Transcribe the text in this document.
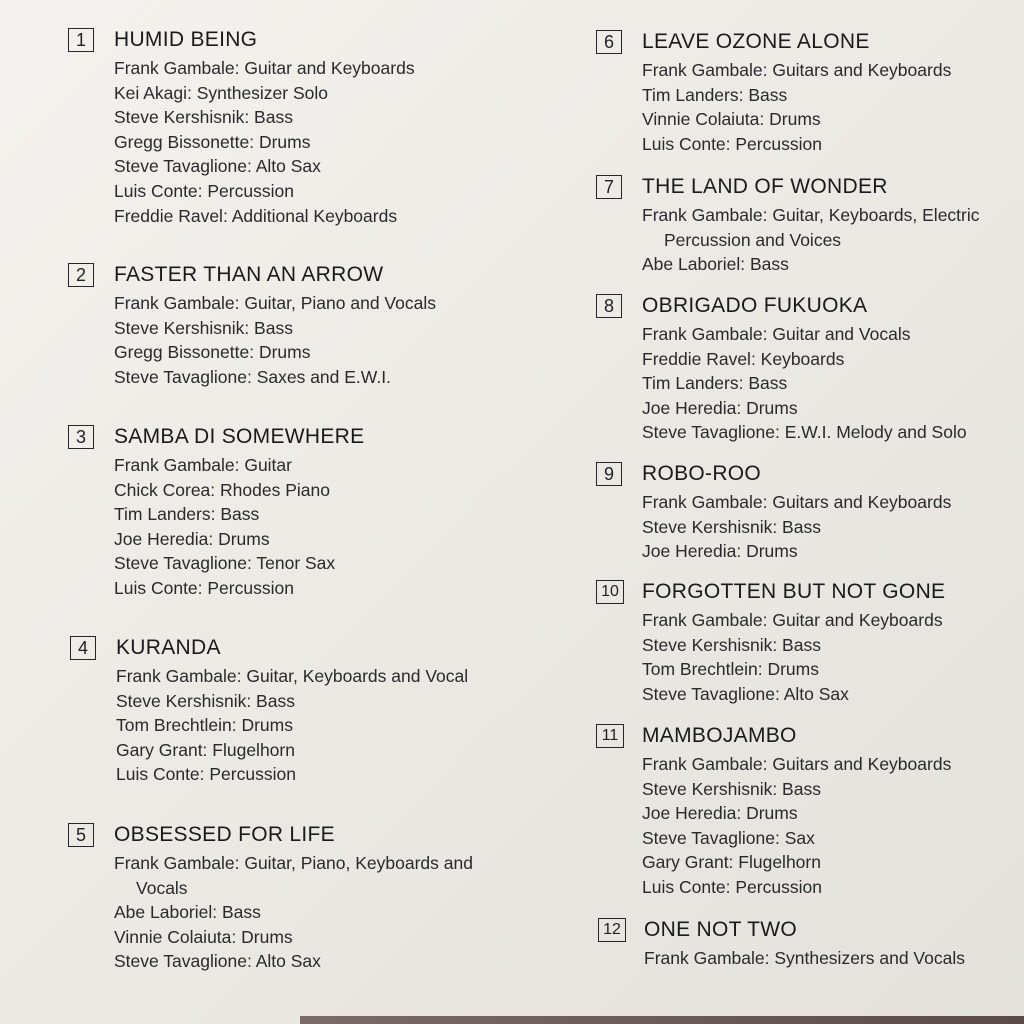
1	HUMID BEING
Frank Gambale: Guitar and Keyboards
Kei Akagi: Synthesizer Solo
Steve Kershisnik: Bass
Gregg Bissonette: Drums
Steve Tavaglione: Alto Sax
Luis Conte: Percussion
Freddie Ravel: Additional Keyboards
2	FASTER THAN AN ARROW
Frank Gambale: Guitar, Piano and Vocals
Steve Kershisnik: Bass
Gregg Bissonette: Drums
Steve Tavaglione: Saxes and E.W.I.
3	SAMBA DI SOMEWHERE
Frank Gambale: Guitar
Chick Corea: Rhodes Piano
Tim Landers: Bass
Joe Heredia: Drums
Steve Tavaglione: Tenor Sax
Luis Conte: Percussion
4	KURANDA
Frank Gambale: Guitar, Keyboards and Vocal
Steve Kershisnik: Bass
Tom Brechtlein: Drums
Gary Grant: Flugelhorn
Luis Conte: Percussion
5	OBSESSED FOR LIFE
Frank Gambale: Guitar, Piano, Keyboards and
Vocals
Abe Laboriel: Bass
Vinnie Colaiuta: Drums
Steve Tavaglione: Alto Sax
6	LEAVE OZONE ALONE
Frank Gambale: Guitars and Keyboards
Tim Landers: Bass
Vinnie Colaiuta: Drums
Luis Conte: Percussion
7	THE LAND OF WONDER
Frank Gambale: Guitar, Keyboards, Electric
Percussion and Voices
Abe Laboriel: Bass
8	OBRIGADO FUKUOKA
Frank Gambale: Guitar and Vocals
Freddie Ravel: Keyboards
Tim Landers: Bass
Joe Heredia: Drums
Steve Tavaglione: E.W.I. Melody and Solo
9	ROBO-ROO
Frank Gambale: Guitars and Keyboards
Steve Kershisnik: Bass
Joe Heredia: Drums
10 FORGOTTEN BUT NOT GONE
Frank Gambale: Guitar and Keyboards
Steve Kershisnik: Bass
Tom Brechtlein: Drums
Steve Tavaglione: Alto Sax
11 MAMBOJAMBO
Frank Gambale: Guitars and Keyboards
Steve Kershisnik: Bass
Joe Heredia: Drums
Steve Tavaglione: Sax
Gary Grant: Flugelhorn
Luis Conte: Percussion
12 ONE NOT TWO
Frank Gambale: Synthesizers and Vocals
